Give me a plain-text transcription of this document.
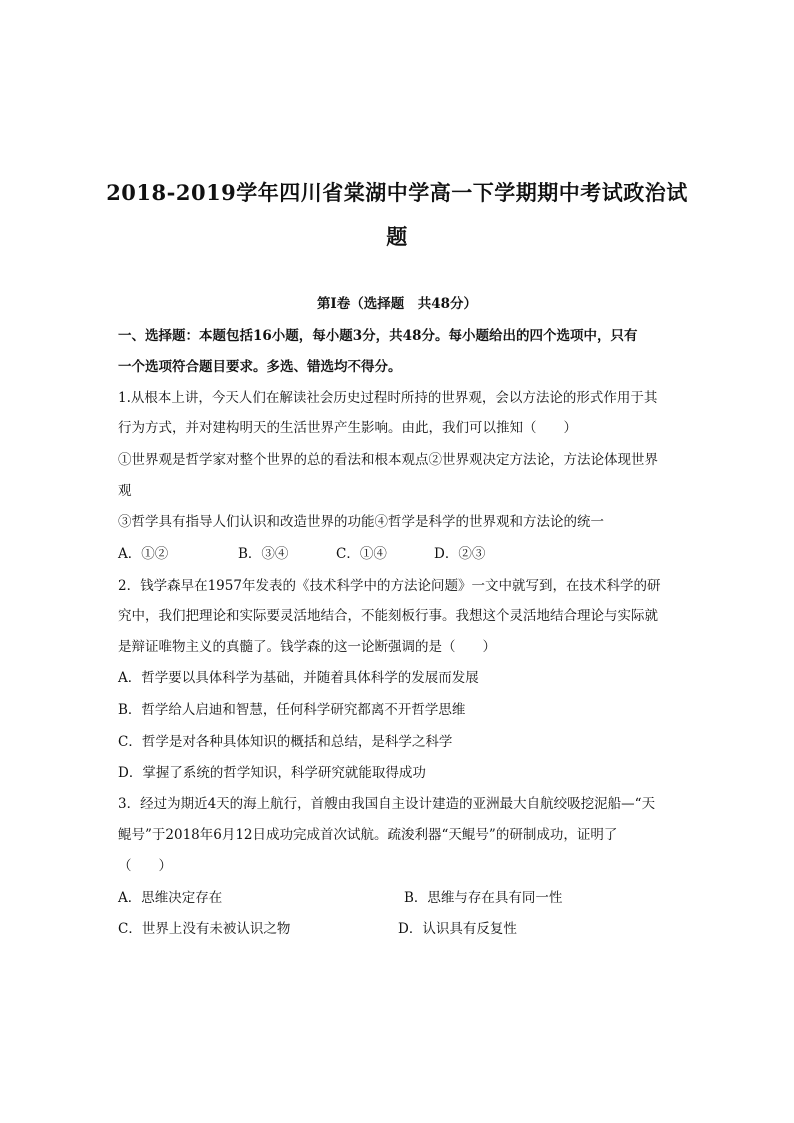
2018-2019学年四川省棠湖中学高一下学期期中考试政治试
题
第Ⅰ卷（选择题　共48分）
一、选择题：本题包括16小题，每小题3分，共48分。每小题给出的四个选项中，只有
一个选项符合题目要求。多选、错选均不得分。
1.从根本上讲，今天人们在解读社会历史过程时所持的世界观，会以方法论的形式作用于其
行为方式，并对建构明天的生活世界产生影响。由此，我们可以推知（　　）
①世界观是哲学家对整个世界的总的看法和根本观点②世界观决定方法论，方法论体现世界
观
③哲学具有指导人们认识和改造世界的功能④哲学是科学的世界观和方法论的统一
A．①②	B．③④	C．①④	D．②③
2．钱学森早在1957年发表的《技术科学中的方法论问题》一文中就写到，在技术科学的研
究中，我们把理论和实际要灵活地结合，不能刻板行事。我想这个灵活地结合理论与实际就
是辩证唯物主义的真髓了。钱学森的这一论断强调的是（　　）
A．哲学要以具体科学为基础，并随着具体科学的发展而发展
B．哲学给人启迪和智慧，任何科学研究都离不开哲学思维
C．哲学是对各种具体知识的概括和总结，是科学之科学
D．掌握了系统的哲学知识，科学研究就能取得成功
3．经过为期近4天的海上航行，首艘由我国自主设计建造的亚洲最大自航绞吸挖泥船—“天
鲲号”于2018年6月12日成功完成首次试航。疏浚利器“天鲲号”的研制成功，证明了
（　　）
A．思维决定存在	B．思维与存在具有同一性
C．世界上没有未被认识之物	D．认识具有反复性
